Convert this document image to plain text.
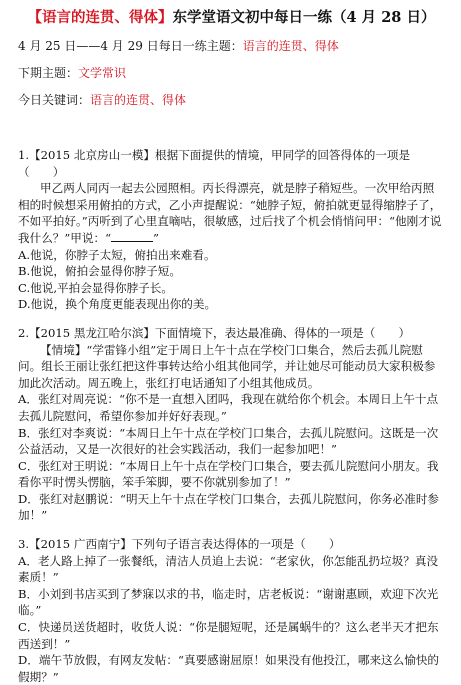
【语言的连贯、得体】东学堂语文初中每日一练（4 月 28 日）

4 月 25 日——4 月 29 日每日一练主题：语言的连贯、得体

下期主题：文学常识

今日关键词：语言的连贯、得体

1.【2015 北京房山一模】根据下面提供的情境，甲同学的回答得体的一项是（　　）

甲乙两人同丙一起去公园照相。丙长得漂亮，就是脖子稍短些。一次甲给丙照相的时候想采用俯拍的方式，乙小声提醒说：“她脖子短，俯拍就更显得缩脖子了，不如平拍好。”丙听到了心里直嘀咕，很敏感，过后找了个机会悄悄问甲：“他刚才说我什么？”甲说：“	”

A.他说，你脖子太短，俯拍出来难看。

B.他说，俯拍会显得你脖子短。

C.他说,平拍会显得你脖子长。

D.他说，换个角度更能表现出你的美。

2.【2015 黑龙江哈尔滨】下面情境下，表达最准确、得体的一项是（　　）

【情境】“学雷锋小组”定于周日上午十点在学校门口集合，然后去孤儿院慰问。组长王丽让张红把这件事转达给小组其他同学，并让她尽可能动员大家积极参加此次活动。周五晚上，张红打电话通知了小组其他成员。

A．张红对周亮说：“你不是一直想入团吗，我现在就给你个机会。本周日上午十点去孤儿院慰问，希望你参加并好好表现。”

B．张红对李爽说：“本周日上午十点在学校门口集合，去孤儿院慰问。这既是一次公益活动，又是一次很好的社会实践活动，我们一起参加吧！”

C．张红对王明说：“本周日上午十点在学校门口集合，要去孤儿院慰问小朋友。我看你平时愣头愣脑，笨手笨脚，要不你就别参加了！”

D．张红对赵鹏说：“明天上午十点在学校门口集合，去孤儿院慰问，你务必准时参加！”

3.【2015 广西南宁】下列句子语言表达得体的一项是（　　）

A．老人路上掉了一张餐纸，清洁人员追上去说：“老家伙，你怎能乱扔垃圾？真没素质！”

B．小刘到书店买到了梦寐以求的书，临走时，店老板说：“谢谢惠顾，欢迎下次光临。”

C．快递员送货超时，收货人说：“你是腿短呢，还是属蜗牛的？这么老半天才把东西送到！”

D．端午节放假，有网友发帖：“真要感谢屈原！如果没有他投江，哪来这么愉快的假期？”
